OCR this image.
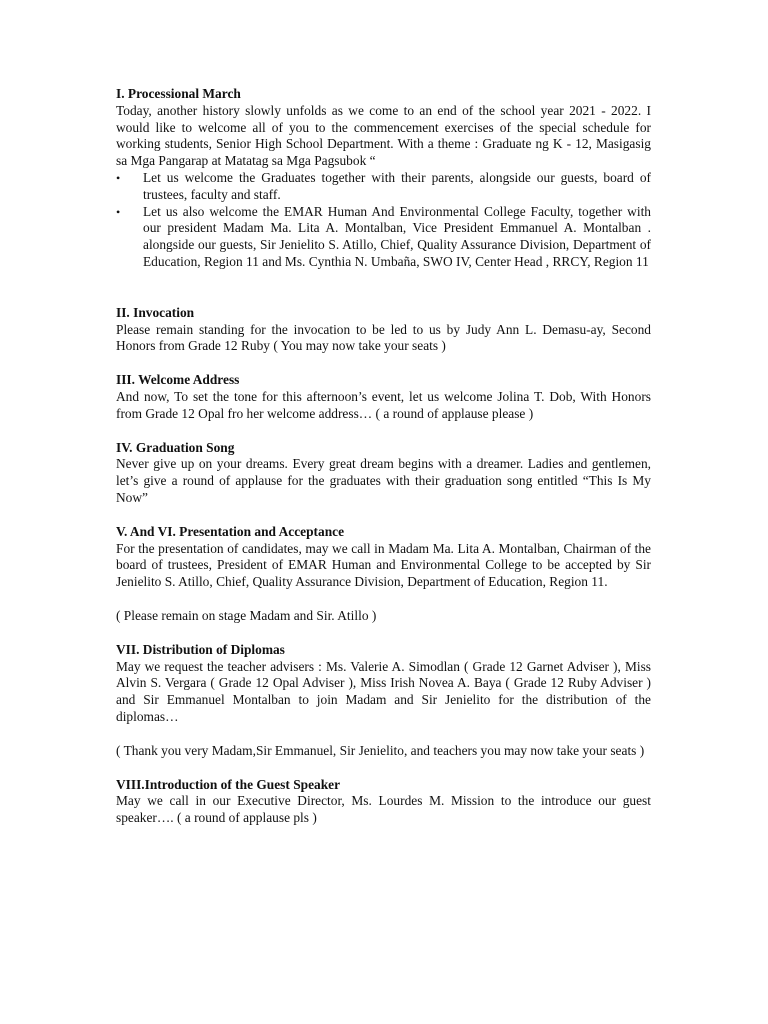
I. Processional March
Today, another history slowly unfolds as we come to an end of the school year 2021 - 2022. I would like to welcome all of you to the commencement exercises of the special schedule for working students, Senior High School Department. With a theme : Graduate ng K - 12, Masigasig sa Mga Pangarap at Matatag sa Mga Pagsubok “
• Let us welcome the Graduates together with their parents, alongside our guests, board of trustees, faculty and staff.
• Let us also welcome the EMAR Human And Environmental College Faculty, together with our president Madam Ma. Lita A. Montalban, Vice President Emmanuel A. Montalban . alongside our guests, Sir Jenielito S. Atillo, Chief, Quality Assurance Division, Department of Education, Region 11 and Ms. Cynthia N. Umbaña, SWO IV, Center Head , RRCY, Region 11
II. Invocation
Please remain standing for the invocation to be led to us by Judy Ann L. Demasu-ay, Second Honors from Grade 12 Ruby ( You may now take your seats )
III. Welcome Address
And now, To set the tone for this afternoon’s event, let us welcome Jolina T. Dob, With Honors from Grade 12 Opal fro her welcome address… ( a round of applause please )
IV. Graduation Song
Never give up on your dreams. Every great dream begins with a dreamer. Ladies and gentlemen, let’s give a round of applause for the graduates with their graduation song entitled “This Is My Now”
V. And VI. Presentation and Acceptance
For the presentation of candidates, may we call in Madam Ma. Lita A. Montalban, Chairman of the board of trustees, President of EMAR Human and Environmental College to be accepted by Sir Jenielito S. Atillo, Chief, Quality Assurance Division, Department of Education, Region 11.
( Please remain on stage Madam and Sir. Atillo )
VII. Distribution of Diplomas
May we request the teacher advisers : Ms. Valerie A. Simodlan ( Grade 12 Garnet Adviser ), Miss Alvin S. Vergara ( Grade 12 Opal Adviser ), Miss Irish Novea A. Baya ( Grade 12 Ruby Adviser ) and Sir Emmanuel Montalban to join Madam and Sir Jenielito for the distribution of the diplomas…
( Thank you very Madam,Sir Emmanuel, Sir Jenielito, and teachers you may now take your seats )
VIII.Introduction of the Guest Speaker
May we call in our Executive Director, Ms. Lourdes M. Mission to the introduce our guest speaker…. ( a round of applause pls )
